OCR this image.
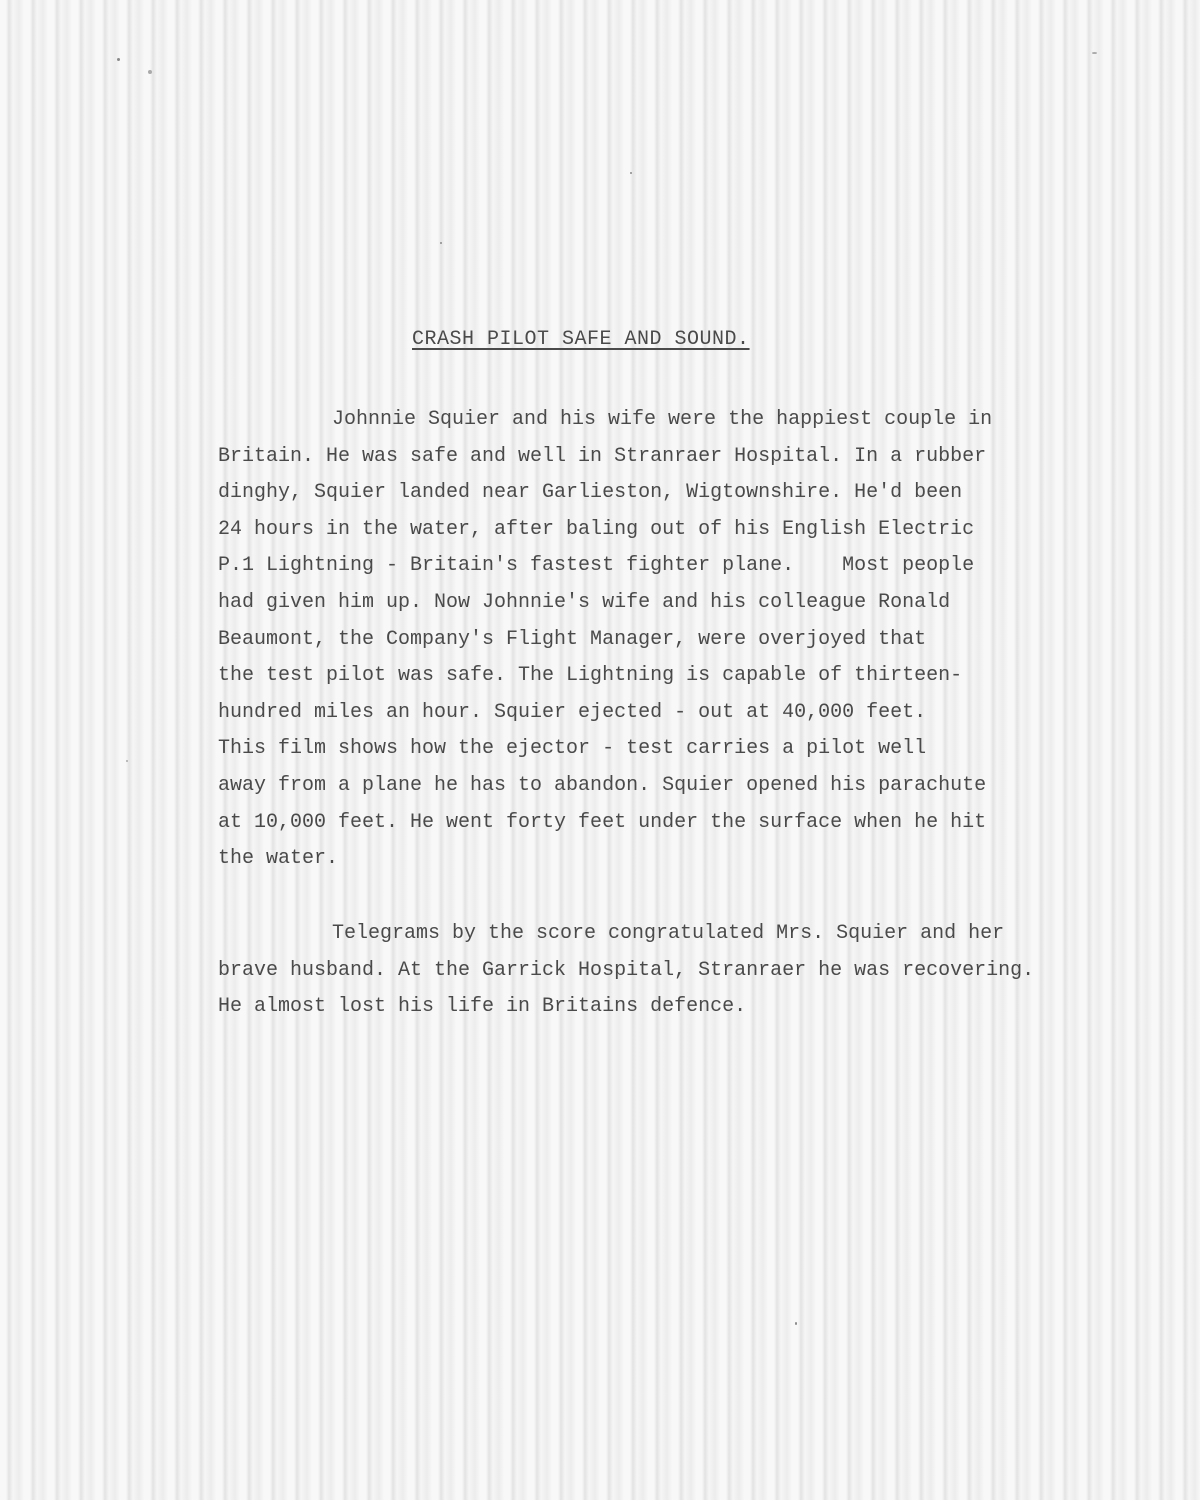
CRASH PILOT SAFE AND SOUND.
Johnnie Squier and his wife were the happiest couple in
Britain. He was safe and well in Stranraer Hospital. In a rubber
dinghy, Squier landed near Garlieston, Wigtownshire. He'd been
24 hours in the water, after baling out of his English Electric
P.1 Lightning - Britain's fastest fighter plane.    Most people
had given him up. Now Johnnie's wife and his colleague Ronald
Beaumont, the Company's Flight Manager, were overjoyed that
the test pilot was safe. The Lightning is capable of thirteen-
hundred miles an hour. Squier ejected - out at 40,000 feet.
This film shows how the ejector - test carries a pilot well
away from a plane he has to abandon. Squier opened his parachute
at 10,000 feet. He went forty feet under the surface when he hit
the water.
Telegrams by the score congratulated Mrs. Squier and her
brave husband. At the Garrick Hospital, Stranraer he was recovering.
He almost lost his life in Britains defence.
